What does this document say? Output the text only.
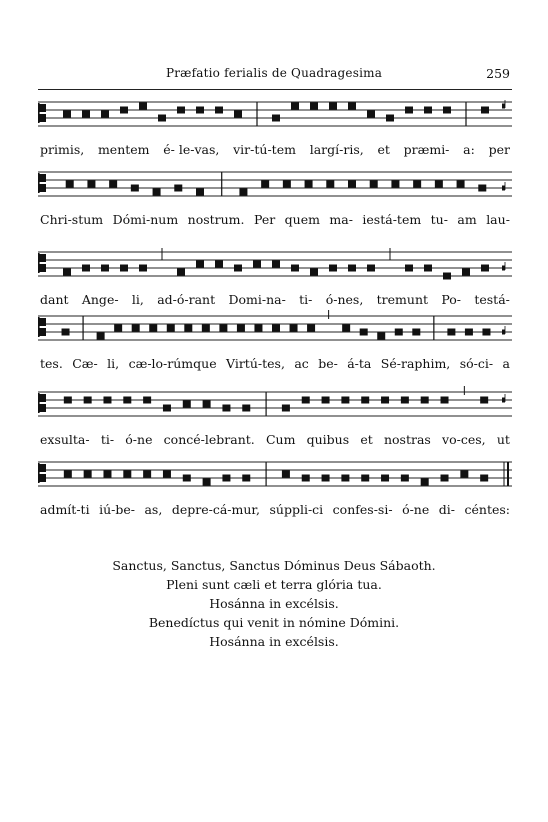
Præfatio ferialis de Quadragesima	259
primis, mentem é- le-vas, vir-tú-tem largí-ris, et præmi- a: per
Chri-stum Dómi-num nostrum. Per quem ma- iestá-tem tu- am lau-
dant Ange- li, ad-ó-rant Domi-na- ti- ó-nes, tremunt Po- testá-
tes. Cæ- li, cæ-lo-rúmque Virtú-tes, ac be- á-ta Sé-raphim, só-ci- a
exsulta- ti- ó-ne concé-lebrant. Cum quibus et nostras vo-ces, ut
admít-ti iú-be- as, depre-cá-mur, súppli-ci confes-si- ó-ne di- céntes:
Sanctus, Sanctus, Sanctus Dóminus Deus Sábaoth.
Pleni sunt cæli et terra glória tua.
Hosánna in excélsis.
Benedíctus qui venit in nómine Dómini.
Hosánna in excélsis.
